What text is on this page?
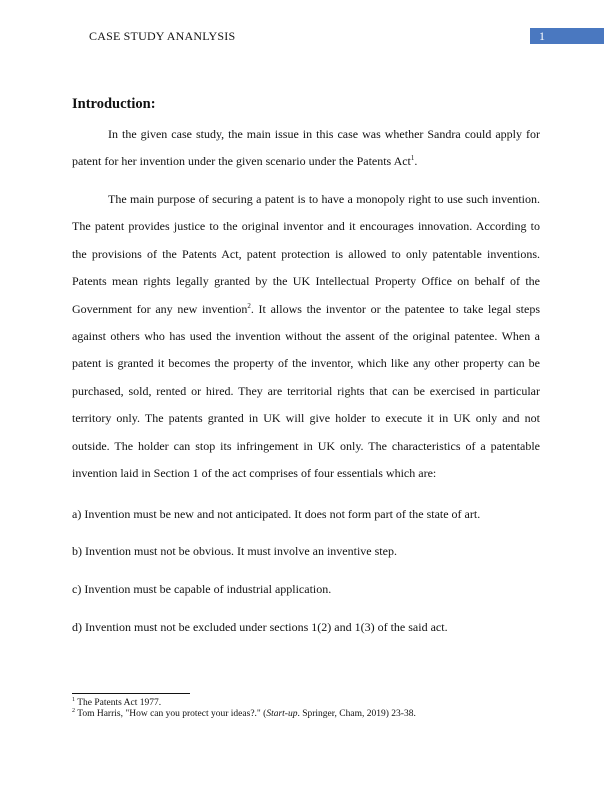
CASE STUDY ANANLYSIS	1
Introduction:

In the given case study, the main issue in this case was whether Sandra could apply for patent for her invention under the given scenario under the Patents Act$^1$.

The main purpose of securing a patent is to have a monopoly right to use such invention. The patent provides justice to the original inventor and it encourages innovation. According to the provisions of the Patents Act, patent protection is allowed to only patentable inventions. Patents mean rights legally granted by the UK Intellectual Property Office on behalf of the Government for any new invention$^2$. It allows the inventor or the patentee to take legal steps against others who has used the invention without the assent of the original patentee. When a patent is granted it becomes the property of the inventor, which like any other property can be purchased, sold, rented or hired. They are territorial rights that can be exercised in particular territory only. The patents granted in UK will give holder to execute it in UK only and not outside. The holder can stop its infringement in UK only. The characteristics of a patentable invention laid in Section 1 of the act comprises of four essentials which are:

a) Invention must be new and not anticipated. It does not form part of the state of art.

b) Invention must not be obvious. It must involve an inventive step.

c) Invention must be capable of industrial application.

d) Invention must not be excluded under sections 1(2) and 1(3) of the said act.

$^1$ The Patents Act 1977.

$^2$ Tom Harris, "How can you protect your ideas?." (Start-up. Springer, Cham, 2019) 23-38.
